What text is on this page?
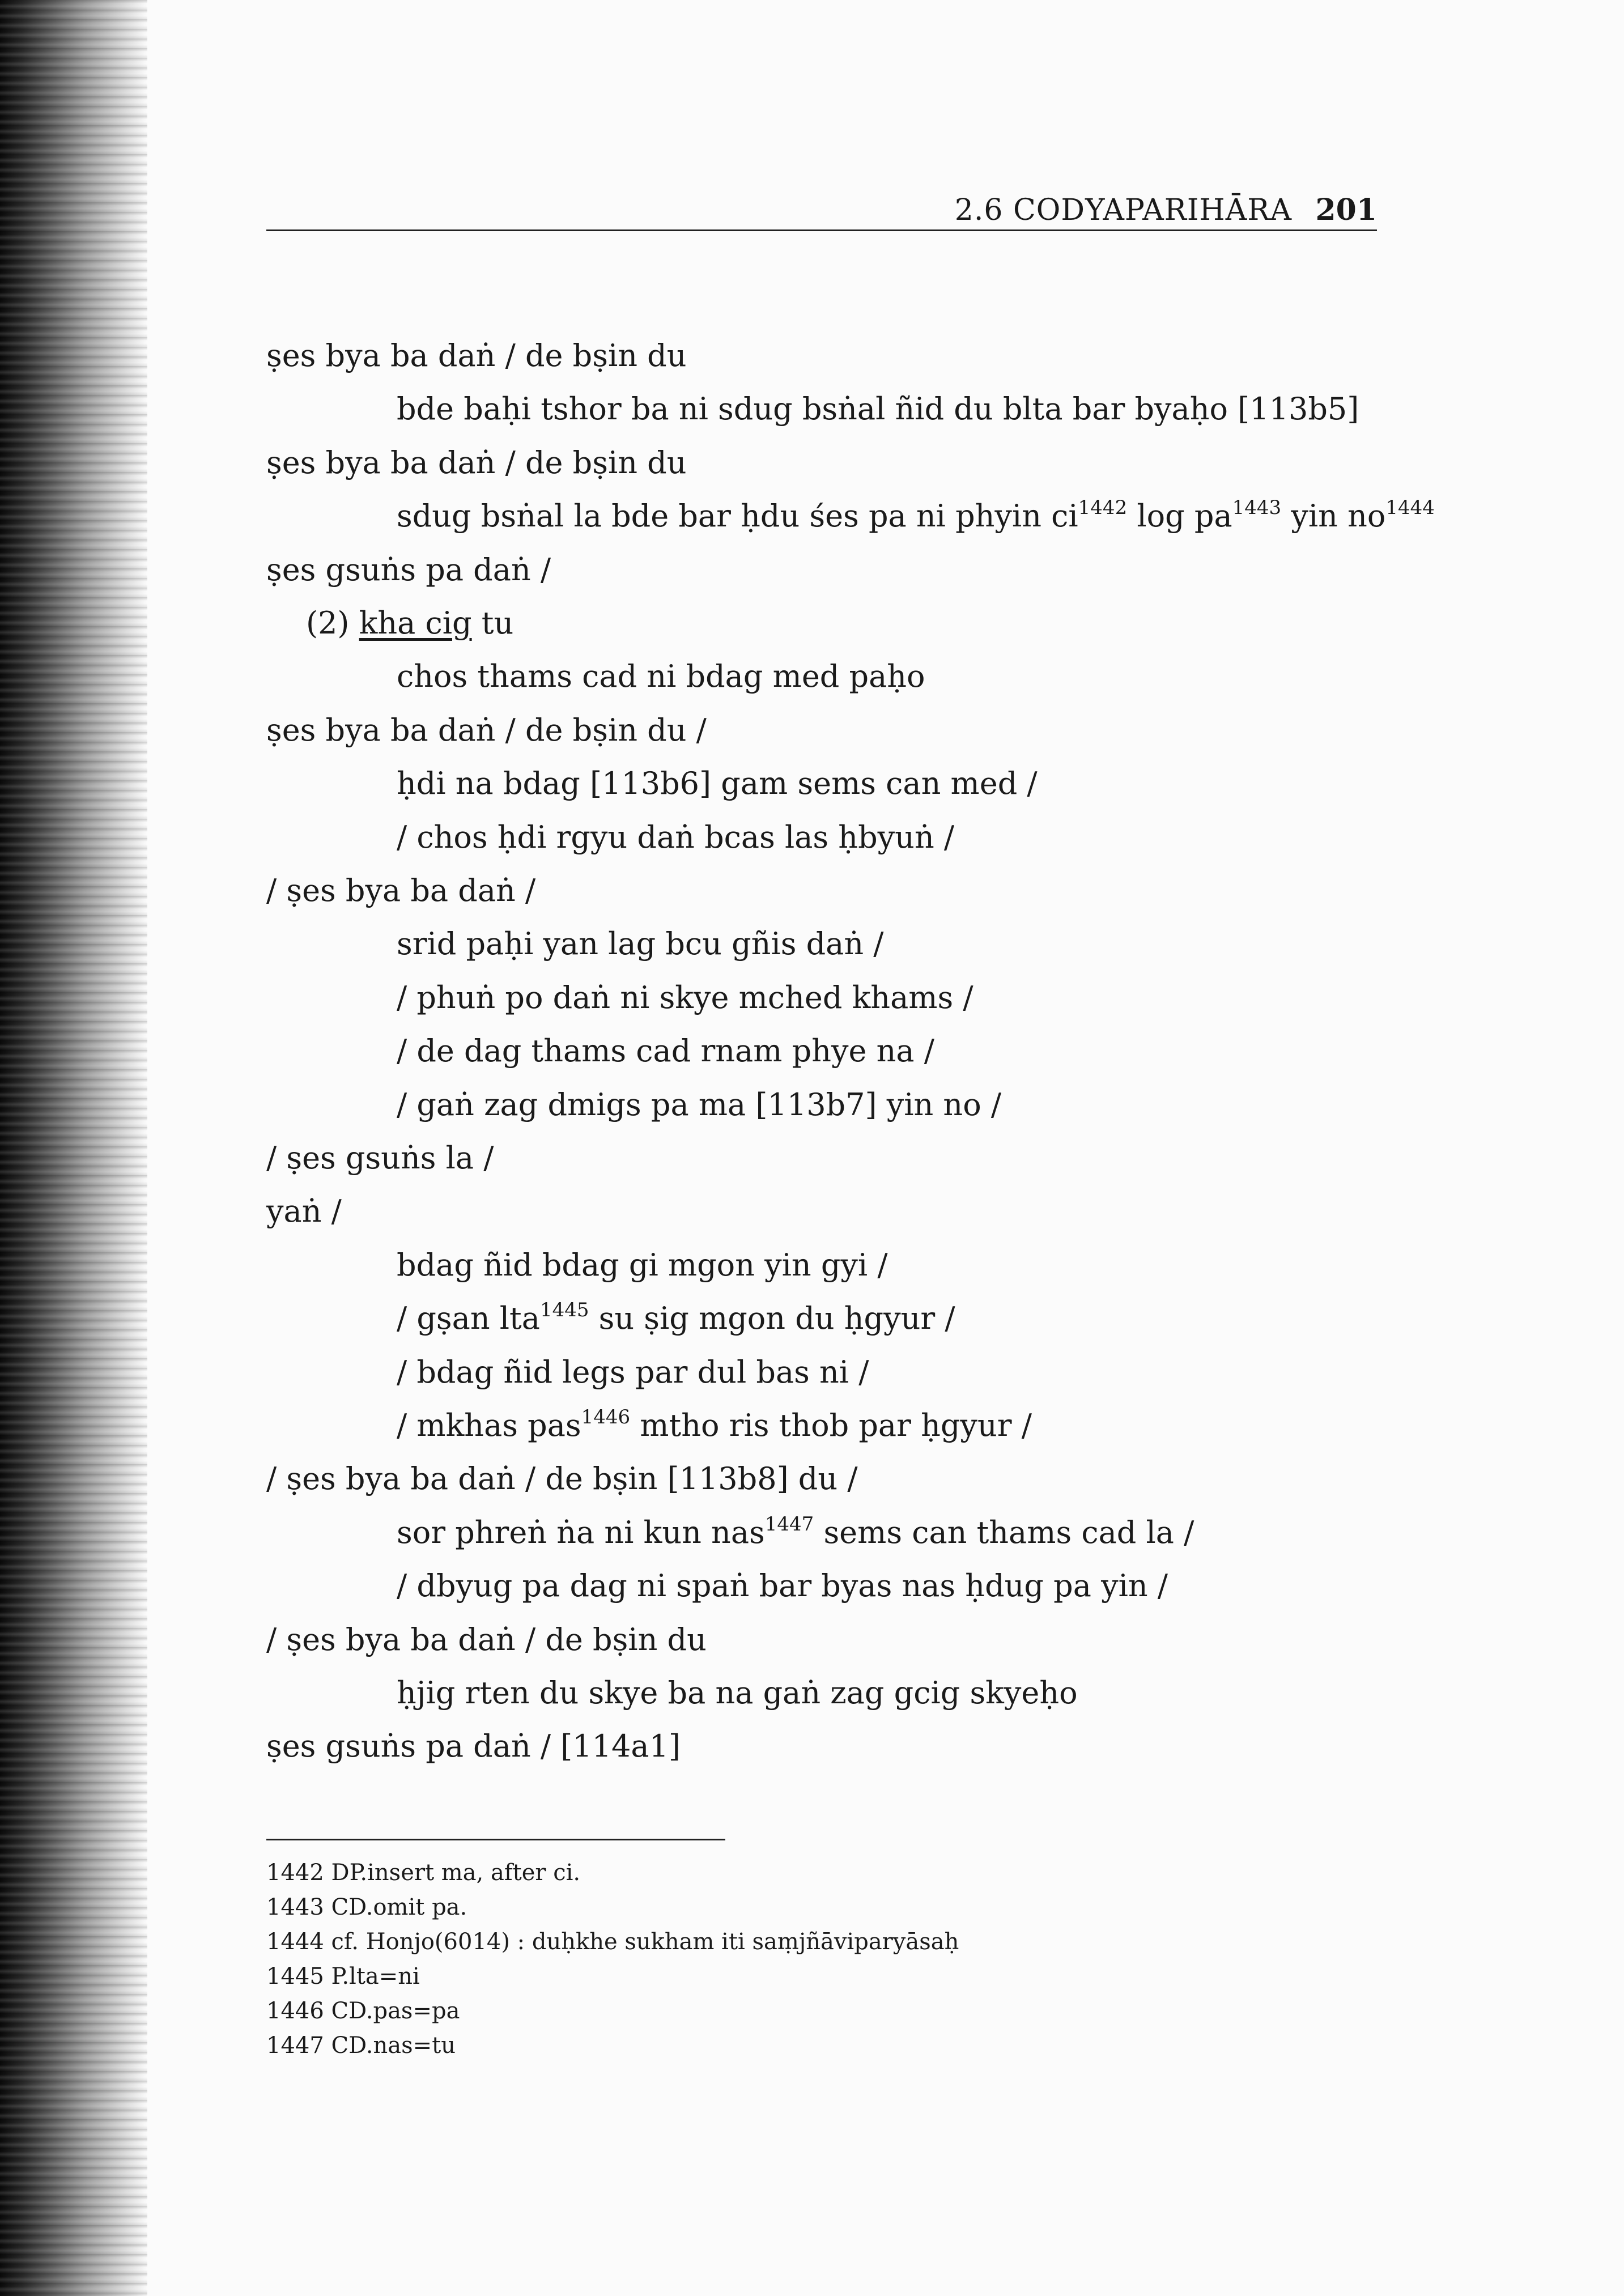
2.6 CODYAPARIHĀRA 201
ṣes bya ba daṅ / de bṣin du
bde baḥi tshor ba ni sdug bsṅal ñid du blta bar byaḥo [113b5]
ṣes bya ba daṅ / de bṣin du
sdug bsṅal la bde bar ḥdu śes pa ni phyin $ci^{1442}$ $\log pa^{1443}$ yin $no^{1444}$
ṣes gsuṅs pa daṅ /
(2) kha cig tu
chos thams cad ni bdag med paḥo
ṣes bya ba daṅ / de bṣin du /
ḥdi na bdag [113b6] gam sems can med /
/ chos ḥdi rgyu daṅ bcas las ḥbyuṅ /
/ ṣes bya ba daṅ /
srid paḥi yan lag bcu gñis daṅ /
/ phuṅ po daṅ ni skye mched khams /
/ de dag thams cad rnam phye na /
/ gaṅ zag dmigs pa ma [113b7] yin no /
/ ṣes gsuṅs la /
yaṅ /
bdag ñid bdag gi mgon yin gyi /
/ gṣan lta$^{1445}$ su ṣig mgon du ḥgyur /
/ bdag ñid legs par dul bas ni /
/ mkhas pas$^{1446}$ mtho ris thob par ḥgyur /
/ ṣes bya ba daṅ / de bṣin [113b8] du /
sor phreṅ ṅa ni kun nas$^{1447}$ sems can thams cad la /
/ dbyug pa dag ni spaṅ bar byas nas ḥdug pa yin /
/ ṣes bya ba daṅ / de bṣin du
ḥjig rten du skye ba na gaṅ zag gcig skyeḥo
ṣes gsuṅs pa daṅ / [114a1]
1442 DP.insert ma, after ci.
1443 CD.omit pa.
1444 cf. Honjo(6014) : duḥkhe sukham iti saṃjñāviparyāsaḥ
1445 P.lta=ni
1446 CD.pas=pa
1447 CD.nas=tu
